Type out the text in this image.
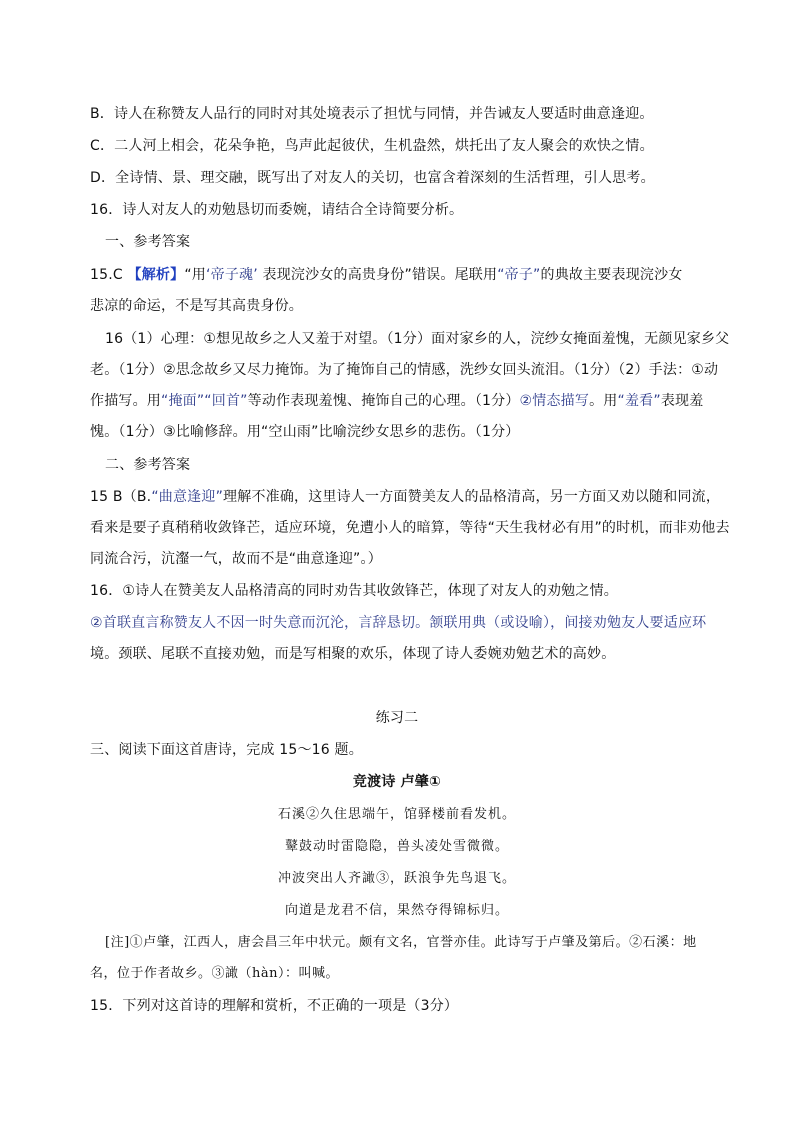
B．诗人在称赞友人品行的同时对其处境表示了担忧与同情，并告诫友人要适时曲意逢迎。
C．二人河上相会，花朵争艳，鸟声此起彼伏，生机盎然，烘托出了友人聚会的欢快之情。
D．全诗情、景、理交融，既写出了对友人的关切，也富含着深刻的生活哲理，引人思考。
16．诗人对友人的劝勉恳切而委婉，请结合全诗简要分析。
一、参考答案
15.C 【解析】“用‘帝子魂’ 表现浣沙女的高贵身份”错误。尾联用“帝子”的典故主要表现浣沙女
悲凉的命运，不是写其高贵身份。
16（1）心理：①想见故乡之人又羞于对望。（1分）面对家乡的人，浣纱女掩面羞愧，无颜见家乡父
老。（1分）②思念故乡又尽力掩饰。为了掩饰自己的情感，洗纱女回头流泪。（1分）（2）手法：①动
作描写。用“掩面”“回首”等动作表现羞愧、掩饰自己的心理。（1分）②情态描写。用“羞看”表现羞
愧。（1分）③比喻修辞。用“空山雨”比喻浣纱女思乡的悲伤。（1分）
二、参考答案
15 B（B.“曲意逢迎”理解不准确，这里诗人一方面赞美友人的品格清高，另一方面又劝以随和同流，
看来是要子真稍稍收敛锋芒，适应环境，免遭小人的暗算，等待“天生我材必有用”的时机，而非劝他去
同流合污，沆瀣一气，故而不是“曲意逢迎”。）
16．①诗人在赞美友人品格清高的同时劝告其收敛锋芒，体现了对友人的劝勉之情。
②首联直言称赞友人不因一时失意而沉沦，言辞恳切。颔联用典（或设喻），间接劝勉友人要适应环
境。颈联、尾联不直接劝勉，而是写相聚的欢乐，体现了诗人委婉劝勉艺术的高妙。
练习二
三、阅读下面这首唐诗，完成 15～16 题。
竞渡诗 卢肇①
石溪②久住思端午，馆驿楼前看发机。
鼙鼓动时雷隐隐，兽头凌处雪微微。
冲波突出人齐譀③，跃浪争先鸟退飞。
向道是龙君不信，果然夺得锦标归。
[注]①卢肇，江西人，唐会昌三年中状元。颇有文名，官誉亦佳。此诗写于卢肇及第后。②石溪：地
名，位于作者故乡。③譀（hàn）：叫喊。
15．下列对这首诗的理解和赏析，不正确的一项是（3分）
